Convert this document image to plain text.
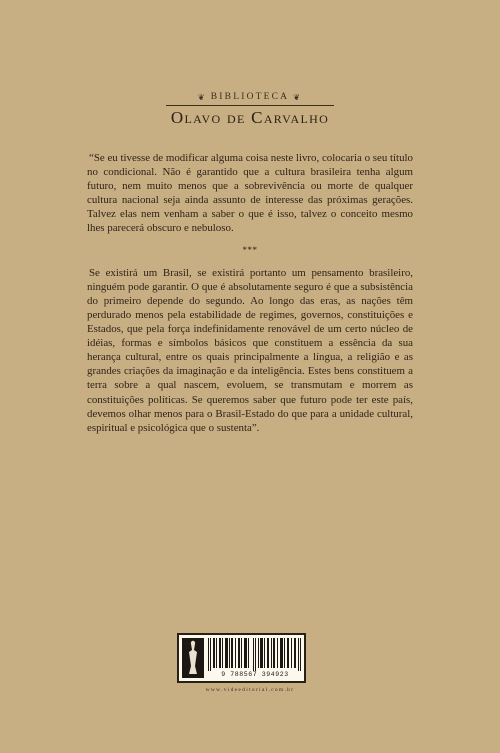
❦ BIBLIOTECA ❦
Olavo de Carvalho

“Se eu tivesse de modificar alguma coisa neste livro, colocaria o seu título no condicional. Não é garantido que a cultura brasileira tenha algum futuro, nem muito menos que a sobrevivência ou morte de qualquer cultura nacional seja ainda assunto de interesse das próximas gerações. Talvez elas nem venham a saber o que é isso, talvez o conceito mesmo lhes parecerá obscuro e nebuloso.

***

Se existirá um Brasil, se existirá portanto um pensamento brasileiro, ninguém pode garantir. O que é absolutamente seguro é que a subsistência do primeiro depende do segundo. Ao longo das eras, as nações têm perdurado menos pela estabilidade de regimes, governos, constituições e Estados, que pela força indefinidamente renovável de um certo núcleo de idéias, formas e símbolos básicos que constituem a essência da sua herança cultural, entre os quais principalmente a língua, a religião e as grandes criações da imaginação e da inteligência. Estes bens constituem a terra sobre a qual nascem, evoluem, se transmutam e morrem as constituições políticas. Se queremos saber que futuro pode ter este país, devemos olhar menos para o Brasil-Estado do que para a unidade cultural, espiritual e psicológica que o sustenta”.

9 788567 394923
www.videeditorial.com.br
